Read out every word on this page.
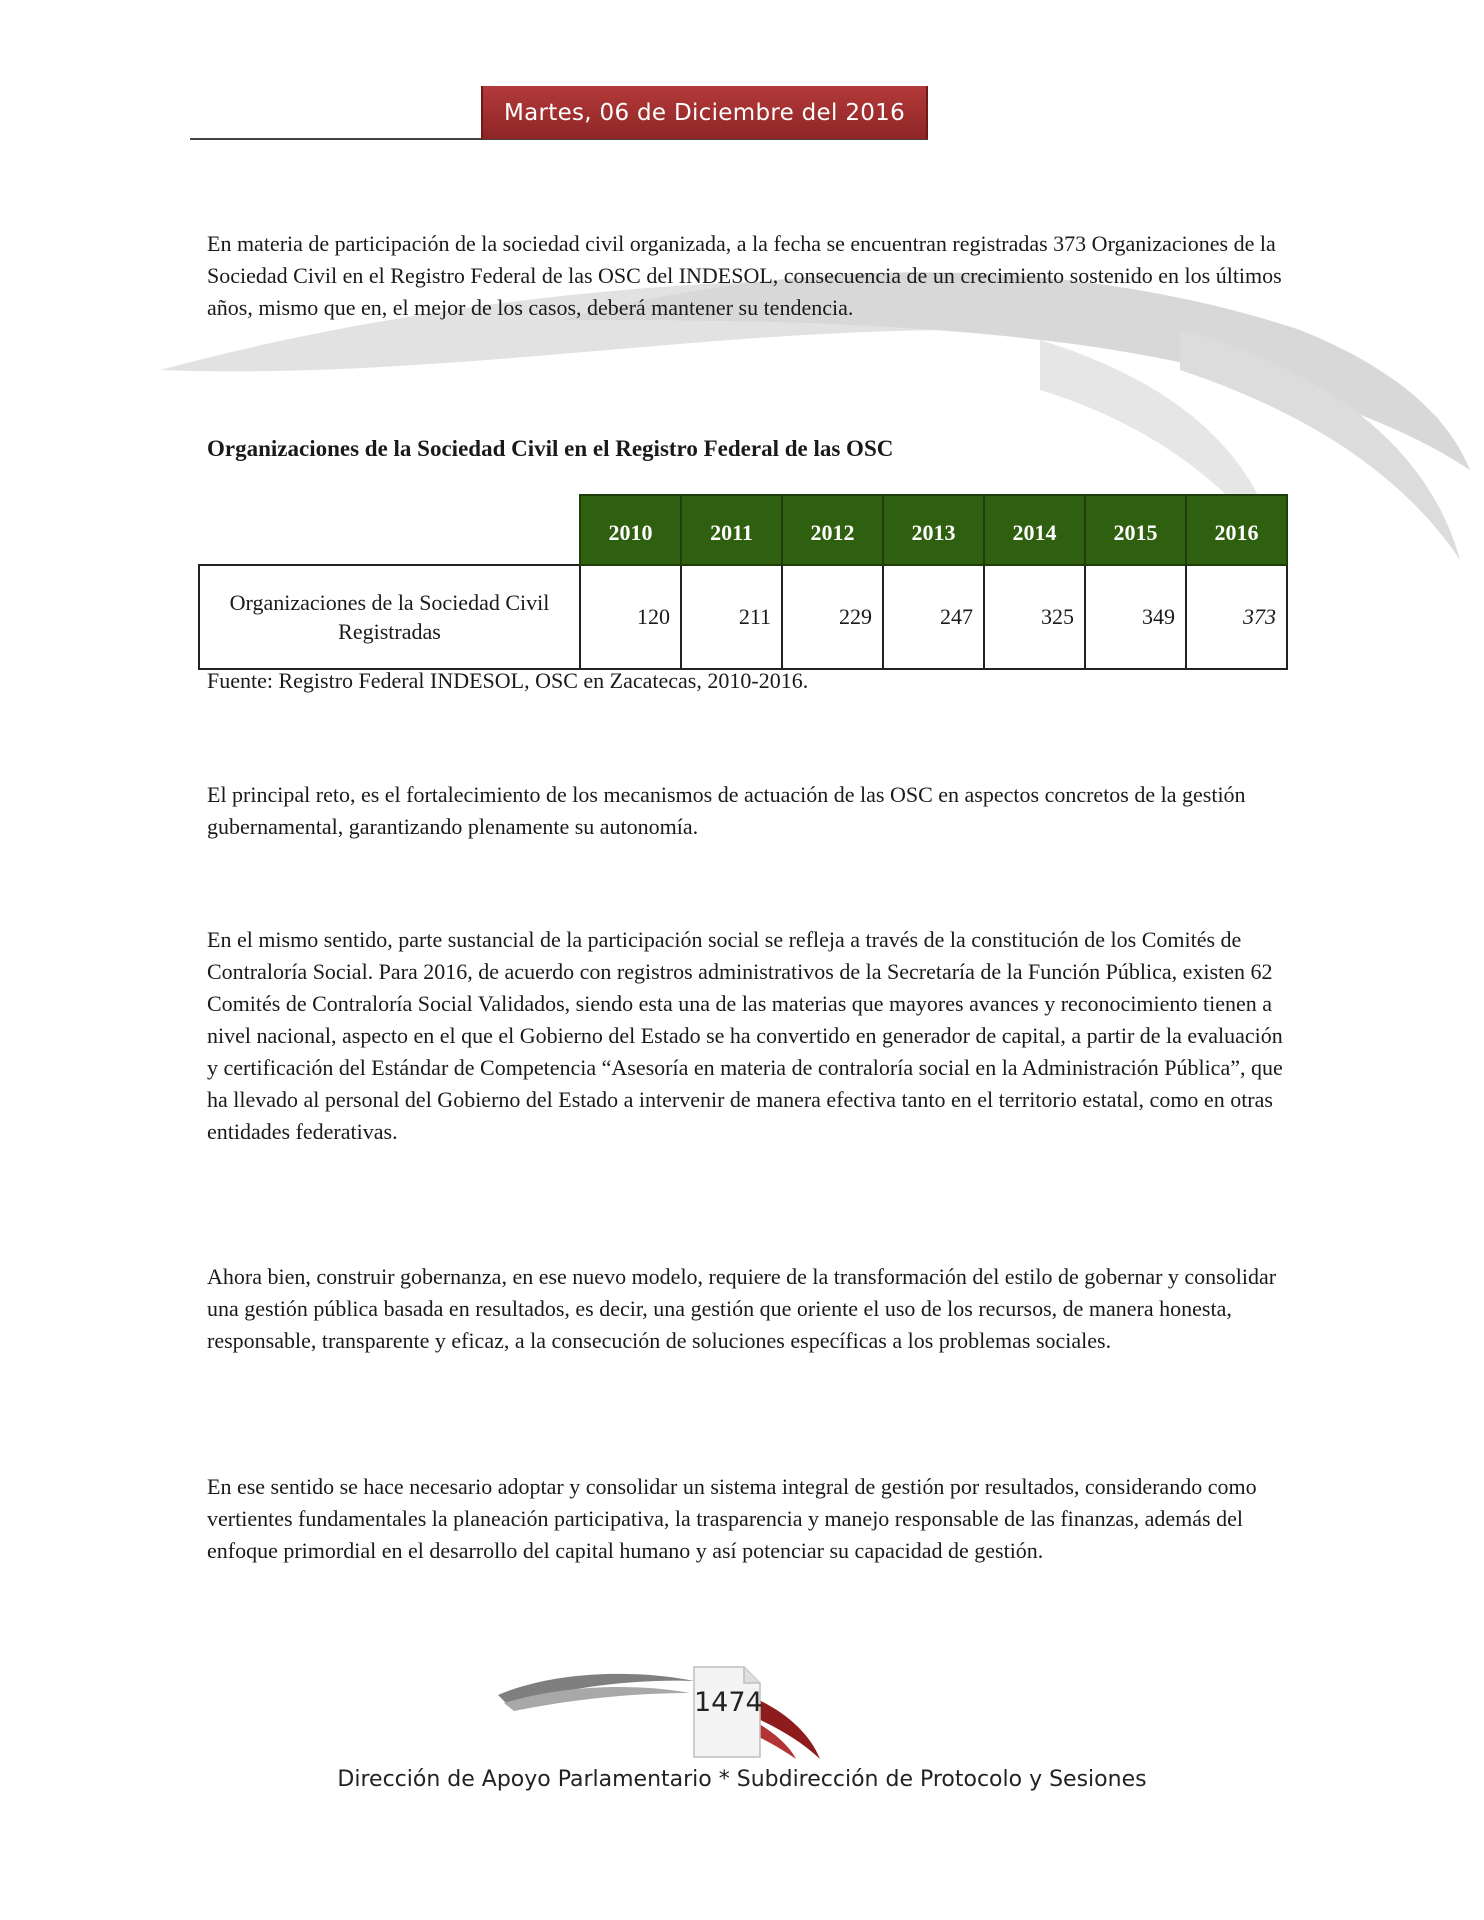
Martes, 06 de Diciembre del 2016

En materia de participación de la sociedad civil organizada, a la fecha se encuentran registradas 373 Organizaciones de la Sociedad Civil en el Registro Federal de las OSC del INDESOL, consecuencia de un crecimiento sostenido en los últimos años, mismo que en, el mejor de los casos, deberá mantener su tendencia.

Organizaciones de la Sociedad Civil en el Registro Federal de las OSC
	2010	2011	2012	2013	2014	2015	2016
Organizaciones de la Sociedad Civil Registradas	120	211	229	247	325	349	373
Fuente: Registro Federal INDESOL, OSC en Zacatecas, 2010-2016.

El principal reto, es el fortalecimiento de los mecanismos de actuación de las OSC en aspectos concretos de la gestión gubernamental, garantizando plenamente su autonomía.

En el mismo sentido, parte sustancial de la participación social se refleja a través de la constitución de los Comités de Contraloría Social. Para 2016, de acuerdo con registros administrativos de la Secretaría de la Función Pública, existen 62 Comités de Contraloría Social Validados, siendo esta una de las materias que mayores avances y reconocimiento tienen a nivel nacional, aspecto en el que el Gobierno del Estado se ha convertido en generador de capital, a partir de la evaluación y certificación del Estándar de Competencia “Asesoría en materia de contraloría social en la Administración Pública”, que ha llevado al personal del Gobierno del Estado a intervenir de manera efectiva tanto en el territorio estatal, como en otras entidades federativas.

Ahora bien, construir gobernanza, en ese nuevo modelo, requiere de la transformación del estilo de gobernar y consolidar una gestión pública basada en resultados, es decir, una gestión que oriente el uso de los recursos, de manera honesta, responsable, transparente y eficaz, a la consecución de soluciones específicas a los problemas sociales.

En ese sentido se hace necesario adoptar y consolidar un sistema integral de gestión por resultados, considerando como vertientes fundamentales la planeación participativa, la trasparencia y manejo responsable de las finanzas, además del enfoque primordial en el desarrollo del capital humano y así potenciar su capacidad de gestión.

1474
Dirección de Apoyo Parlamentario * Subdirección de Protocolo y Sesiones
